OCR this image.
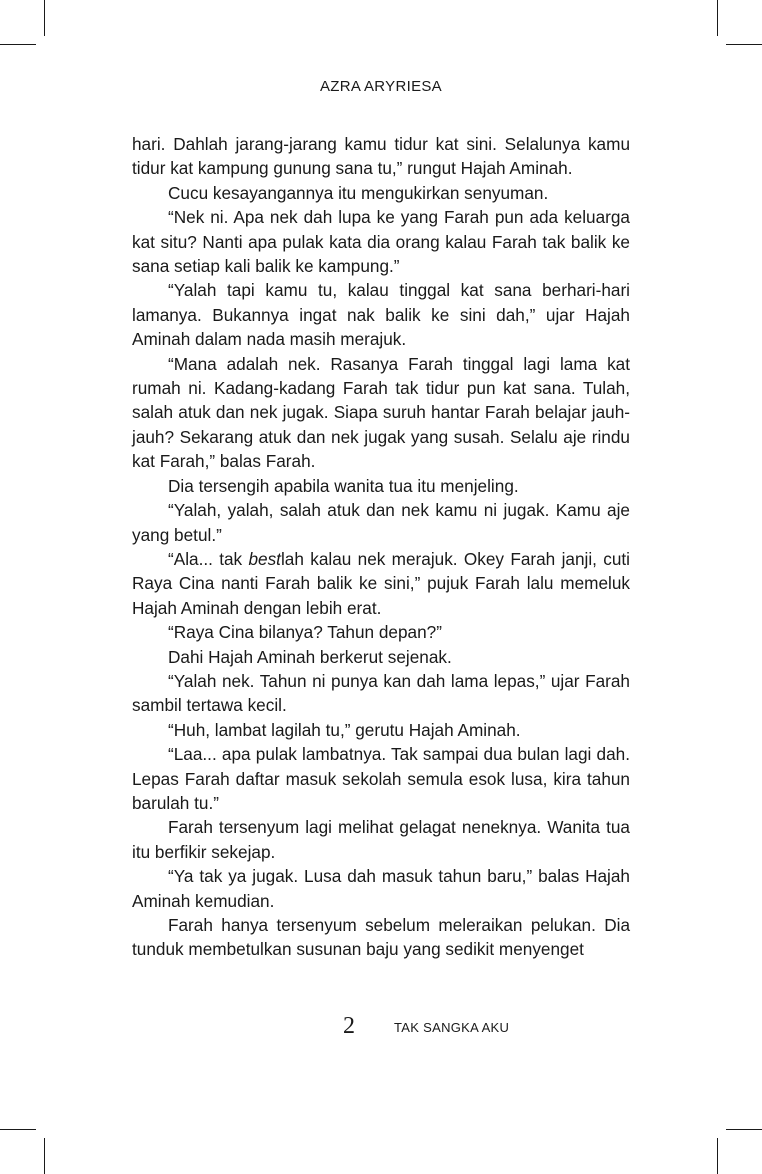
AZRA ARYRIESA

hari. Dahlah jarang-jarang kamu tidur kat sini. Selalunya kamu tidur kat kampung gunung sana tu,” rungut Hajah Aminah.

Cucu kesayangannya itu mengukirkan senyuman.

“Nek ni. Apa nek dah lupa ke yang Farah pun ada keluarga kat situ? Nanti apa pulak kata dia orang kalau Farah tak balik ke sana setiap kali balik ke kampung.”

“Yalah tapi kamu tu, kalau tinggal kat sana berhari-hari lamanya. Bukannya ingat nak balik ke sini dah,” ujar Hajah Aminah dalam nada masih merajuk.

“Mana adalah nek. Rasanya Farah tinggal lagi lama kat rumah ni. Kadang-kadang Farah tak tidur pun kat sana. Tulah, salah atuk dan nek jugak. Siapa suruh hantar Farah belajar jauh-jauh? Sekarang atuk dan nek jugak yang susah. Selalu aje rindu kat Farah,” balas Farah.

Dia tersengih apabila wanita tua itu menjeling.

“Yalah, yalah, salah atuk dan nek kamu ni jugak. Kamu aje yang betul.”

“Ala... tak bestlah kalau nek merajuk. Okey Farah janji, cuti Raya Cina nanti Farah balik ke sini,” pujuk Farah lalu memeluk Hajah Aminah dengan lebih erat.

“Raya Cina bilanya? Tahun depan?”

Dahi Hajah Aminah berkerut sejenak.

“Yalah nek. Tahun ni punya kan dah lama lepas,” ujar Farah sambil tertawa kecil.

“Huh, lambat lagilah tu,” gerutu Hajah Aminah.

“Laa... apa pulak lambatnya. Tak sampai dua bulan lagi dah. Lepas Farah daftar masuk sekolah semula esok lusa, kira tahun barulah tu.”

Farah tersenyum lagi melihat gelagat neneknya. Wanita tua itu berfikir sekejap.

“Ya tak ya jugak. Lusa dah masuk tahun baru,” balas Hajah Aminah kemudian.

Farah hanya tersenyum sebelum meleraikan pelukan. Dia tunduk membetulkan susunan baju yang sedikit menyenget

2	TAK SANGKA AKU
